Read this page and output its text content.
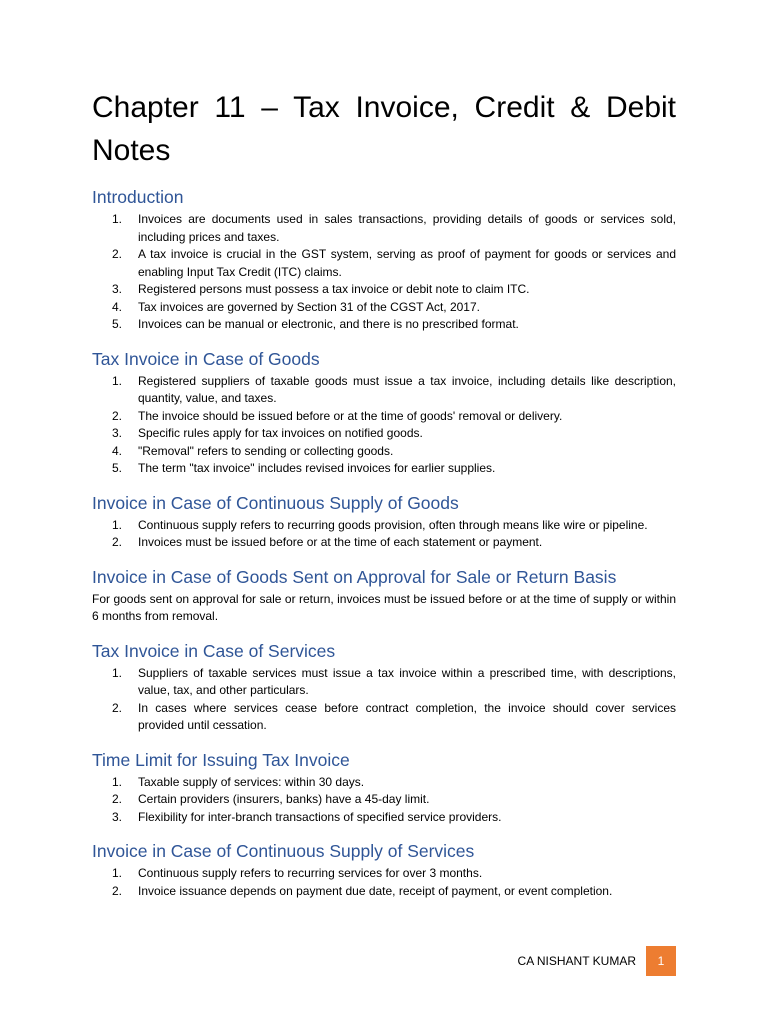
Chapter 11 – Tax Invoice, Credit & Debit Notes
Introduction
1. Invoices are documents used in sales transactions, providing details of goods or services sold, including prices and taxes.
2. A tax invoice is crucial in the GST system, serving as proof of payment for goods or services and enabling Input Tax Credit (ITC) claims.
3. Registered persons must possess a tax invoice or debit note to claim ITC.
4. Tax invoices are governed by Section 31 of the CGST Act, 2017.
5. Invoices can be manual or electronic, and there is no prescribed format.
Tax Invoice in Case of Goods
1. Registered suppliers of taxable goods must issue a tax invoice, including details like description, quantity, value, and taxes.
2. The invoice should be issued before or at the time of goods' removal or delivery.
3. Specific rules apply for tax invoices on notified goods.
4. "Removal" refers to sending or collecting goods.
5. The term "tax invoice" includes revised invoices for earlier supplies.
Invoice in Case of Continuous Supply of Goods
1. Continuous supply refers to recurring goods provision, often through means like wire or pipeline.
2. Invoices must be issued before or at the time of each statement or payment.
Invoice in Case of Goods Sent on Approval for Sale or Return Basis

For goods sent on approval for sale or return, invoices must be issued before or at the time of supply or within 6 months from removal.

Tax Invoice in Case of Services
1. Suppliers of taxable services must issue a tax invoice within a prescribed time, with descriptions, value, tax, and other particulars.
2. In cases where services cease before contract completion, the invoice should cover services provided until cessation.
Time Limit for Issuing Tax Invoice
1. Taxable supply of services: within 30 days.
2. Certain providers (insurers, banks) have a 45-day limit.
3. Flexibility for inter-branch transactions of specified service providers.
Invoice in Case of Continuous Supply of Services
1. Continuous supply refers to recurring services for over 3 months.
2. Invoice issuance depends on payment due date, receipt of payment, or event completion.
CA NISHANT KUMAR	1
